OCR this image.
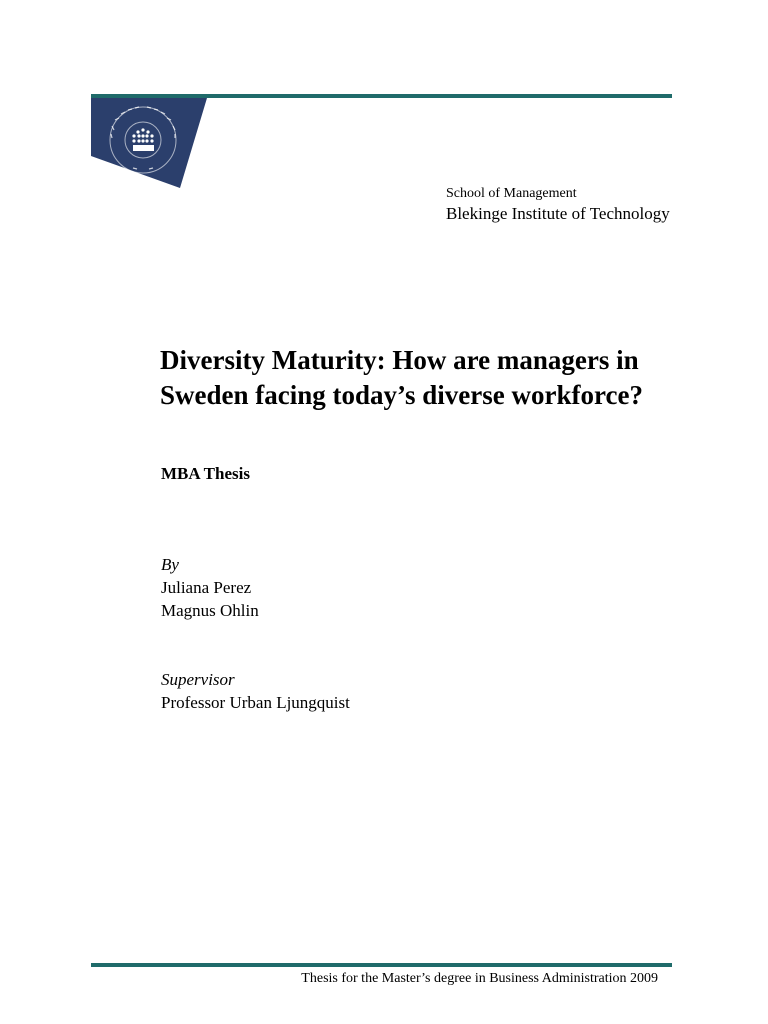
School of Management
Blekinge Institute of Technology
Diversity Maturity: How are managers in Sweden facing today’s diverse workforce?
MBA Thesis
By
Juliana Perez
Magnus Ohlin
Supervisor
Professor Urban Ljungquist
Thesis for the Master’s degree in Business Administration 2009
